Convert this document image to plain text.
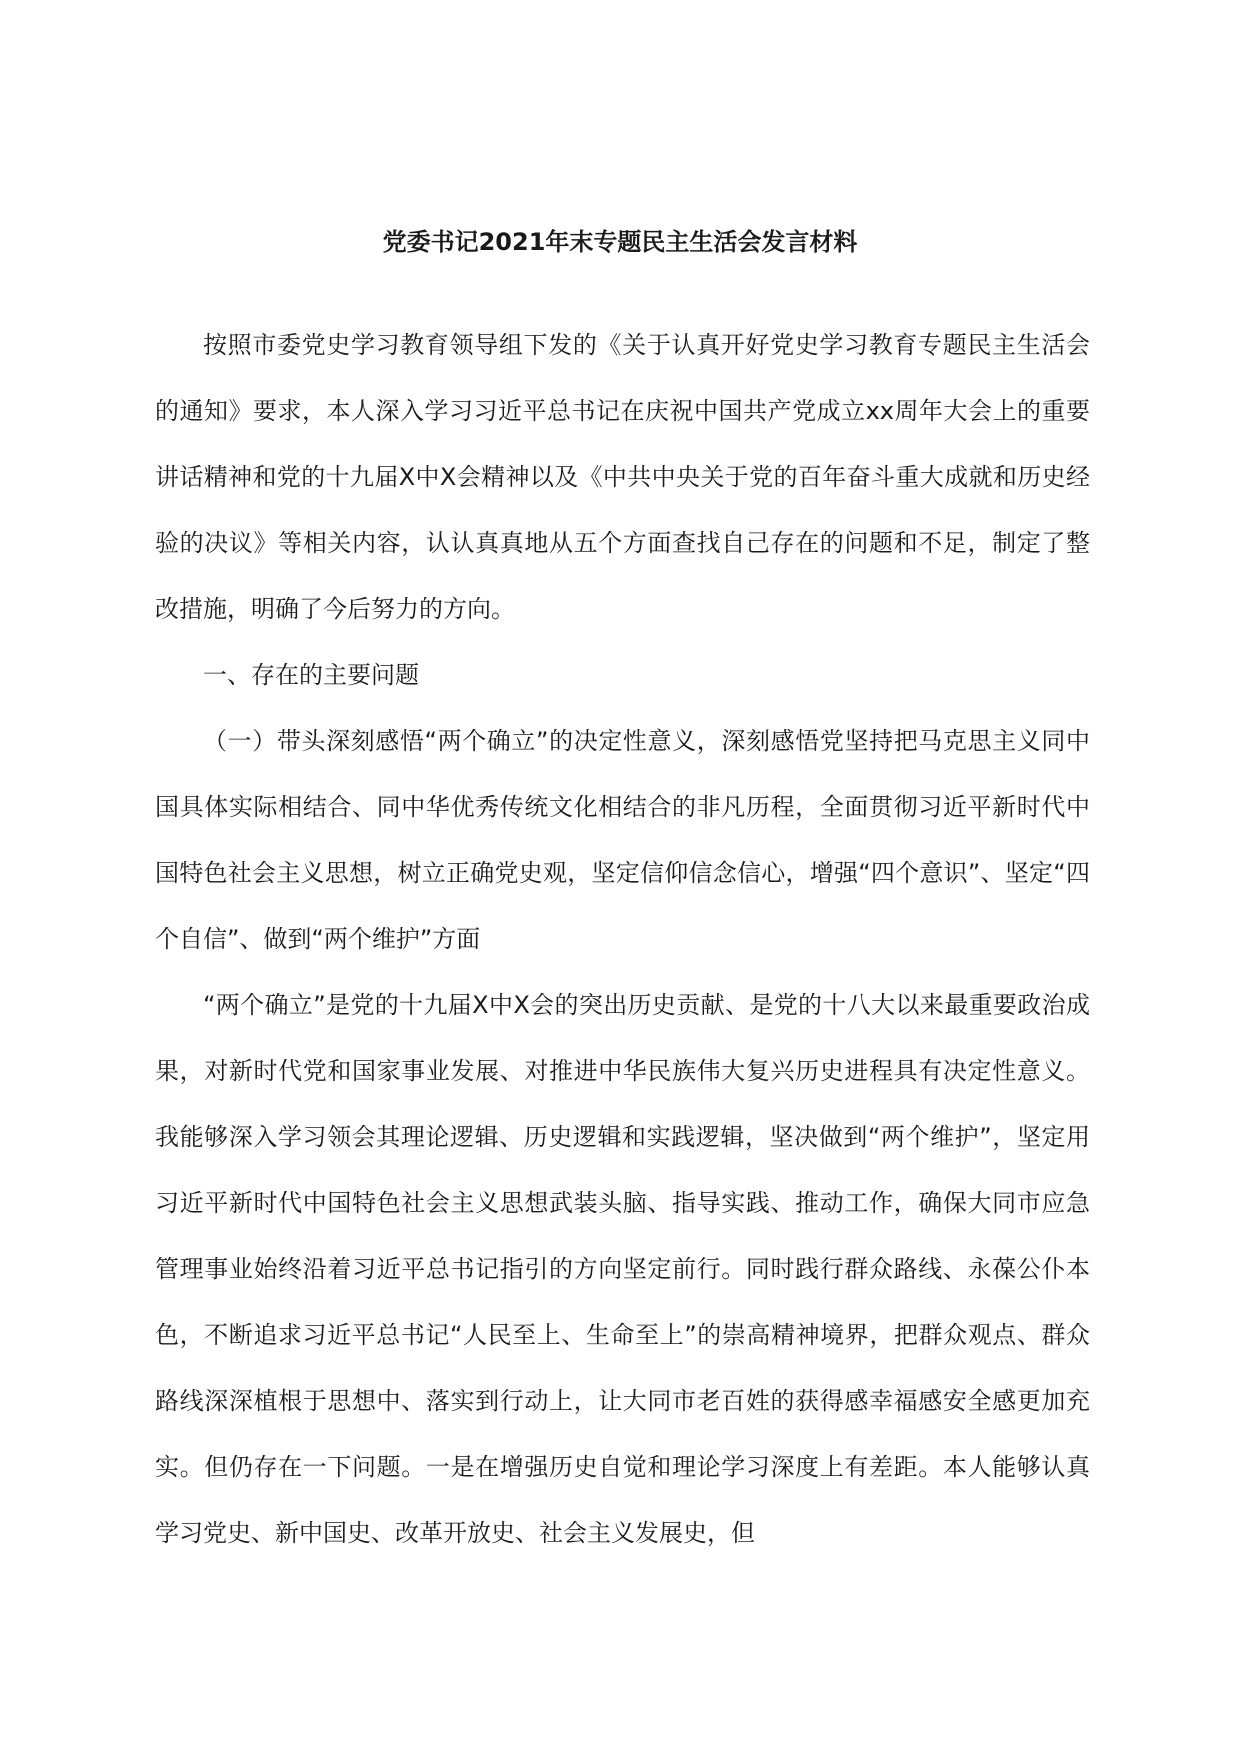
党委书记2021年末专题民主生活会发言材料

按照市委党史学习教育领导组下发的《关于认真开好党史学习教育专题民主生活会的通知》要求，本人深入学习习近平总书记在庆祝中国共产党成立xx周年大会上的重要讲话精神和党的十九届X中X会精神以及《中共中央关于党的百年奋斗重大成就和历史经验的决议》等相关内容，认认真真地从五个方面查找自己存在的问题和不足，制定了整改措施，明确了今后努力的方向。

一、存在的主要问题

（一）带头深刻感悟“两个确立”的决定性意义，深刻感悟党坚持把马克思主义同中国具体实际相结合、同中华优秀传统文化相结合的非凡历程，全面贯彻习近平新时代中国特色社会主义思想，树立正确党史观，坚定信仰信念信心，增强“四个意识”、坚定“四个自信”、做到“两个维护”方面

“两个确立”是党的十九届X中X会的突出历史贡献、是党的十八大以来最重要政治成果，对新时代党和国家事业发展、对推进中华民族伟大复兴历史进程具有决定性意义。我能够深入学习领会其理论逻辑、历史逻辑和实践逻辑，坚决做到“两个维护”，坚定用习近平新时代中国特色社会主义思想武装头脑、指导实践、推动工作，确保大同市应急管理事业始终沿着习近平总书记指引的方向坚定前行。同时践行群众路线、永葆公仆本色，不断追求习近平总书记“人民至上、生命至上”的崇高精神境界，把群众观点、群众路线深深植根于思想中、落实到行动上，让大同市老百姓的获得感幸福感安全感更加充实。但仍存在一下问题。一是在增强历史自觉和理论学习深度上有差距。本人能够认真学习党史、新中国史、改革开放史、社会主义发展史，但
